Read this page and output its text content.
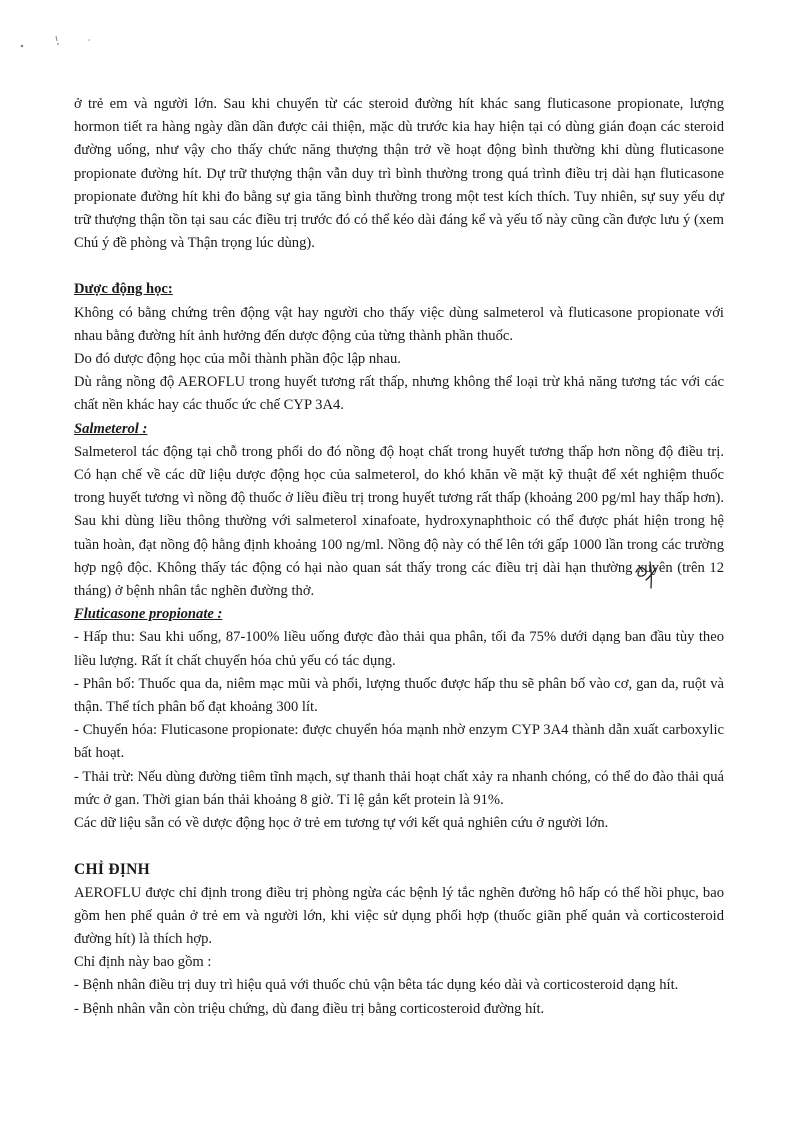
ở trẻ em và người lớn. Sau khi chuyển từ các steroid đường hít khác sang fluticasone propionate, lượng hormon tiết ra hàng ngày dần dần được cải thiện, mặc dù trước kia hay hiện tại có dùng gián đoạn các steroid đường uống, như vậy cho thấy chức năng thượng thận trở về hoạt động bình thường khi dùng fluticasone propionate đường hít. Dự trữ thượng thận vẫn duy trì bình thường trong quá trình điều trị dài hạn fluticasone propionate đường hít khi đo bằng sự gia tăng bình thường trong một test kích thích. Tuy nhiên, sự suy yếu dự trữ thượng thận tồn tại sau các điều trị trước đó có thể kéo dài đáng kể và yếu tố này cũng cần được lưu ý (xem Chú ý đề phòng và Thận trọng lúc dùng).

Dược động học:

Không có bằng chứng trên động vật hay người cho thấy việc dùng salmeterol và fluticasone propionate với nhau bằng đường hít ảnh hưởng đến dược động của từng thành phần thuốc.

Do đó dược động học của mỗi thành phần độc lập nhau.

Dù rằng nồng độ AEROFLU trong huyết tương rất thấp, nhưng không thể loại trừ khả năng tương tác với các chất nền khác hay các thuốc ức chế CYP 3A4.

Salmeterol :

Salmeterol tác động tại chỗ trong phổi do đó nồng độ hoạt chất trong huyết tương thấp hơn nồng độ điều trị. Có hạn chế về các dữ liệu dược động học của salmeterol, do khó khăn về mặt kỹ thuật để xét nghiệm thuốc trong huyết tương vì nồng độ thuốc ở liều điều trị trong huyết tương rất thấp (khoảng 200 pg/ml hay thấp hơn). Sau khi dùng liều thông thường với salmeterol xinafoate, hydroxynaphthoic có thể được phát hiện trong hệ tuần hoàn, đạt nồng độ hằng định khoảng 100 ng/ml. Nồng độ này có thể lên tới gấp 1000 lần trong các trường hợp ngộ độc. Không thấy tác động có hại nào quan sát thấy trong các điều trị dài hạn thường xuyên (trên 12 tháng) ở bệnh nhân tắc nghẽn đường thở.

Fluticasone propionate :

- Hấp thu: Sau khi uống, 87-100% liều uống được đào thải qua phân, tối đa 75% dưới dạng ban đầu tùy theo liều lượng. Rất ít chất chuyển hóa chủ yếu có tác dụng.

- Phân bố: Thuốc qua da, niêm mạc mũi và phổi, lượng thuốc được hấp thu sẽ phân bố vào cơ, gan da, ruột và thận. Thể tích phân bố đạt khoảng 300 lít.

- Chuyển hóa: Fluticasone propionate: được chuyển hóa mạnh nhờ enzym CYP 3A4 thành dẫn xuất carboxylic bất hoạt.

- Thải trừ: Nếu dùng đường tiêm tĩnh mạch, sự thanh thải hoạt chất xảy ra nhanh chóng, có thể do đào thải quá mức ở gan. Thời gian bán thải khoảng 8 giờ. Tỉ lệ gắn kết protein là 91%.

Các dữ liệu sẵn có về dược động học ở trẻ em tương tự với kết quả nghiên cứu ở người lớn.

CHỈ ĐỊNH

AEROFLU được chỉ định trong điều trị phòng ngừa các bệnh lý tắc nghẽn đường hô hấp có thể hồi phục, bao gồm hen phế quản ở trẻ em và người lớn, khi việc sử dụng phối hợp (thuốc giãn phế quản và corticosteroid đường hít) là thích hợp.

Chỉ định này bao gồm :

- Bệnh nhân điều trị duy trì hiệu quả với thuốc chủ vận bêta tác dụng kéo dài và corticosteroid dạng hít.

- Bệnh nhân vẫn còn triệu chứng, dù đang điều trị bằng corticosteroid đường hít.
